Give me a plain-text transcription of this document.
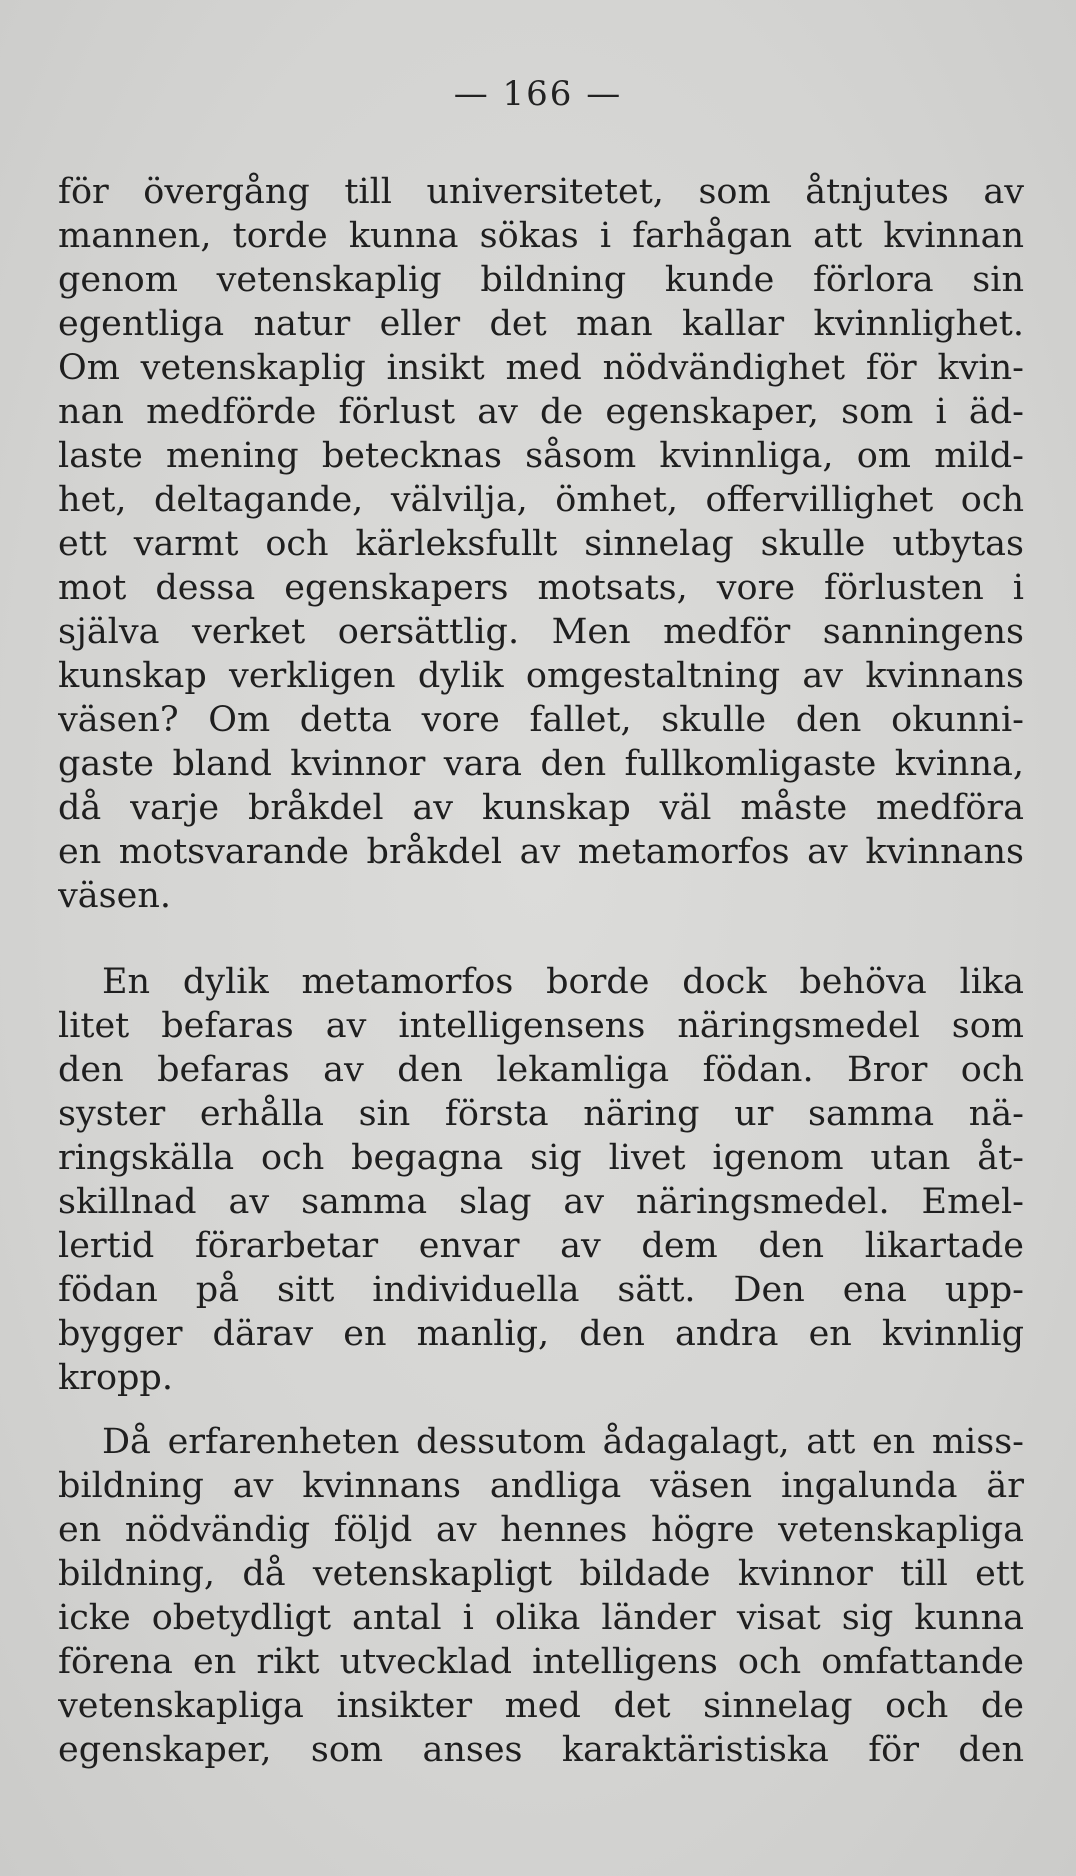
— 166 —
för övergång till universitetet, som åtnjutes av
mannen, torde kunna sökas i farhågan att kvinnan
genom vetenskaplig bildning kunde förlora sin
egentliga natur eller det man kallar kvinnlighet.
Om vetenskaplig insikt med nödvändighet för kvin-
nan medförde förlust av de egenskaper, som i äd-
laste mening betecknas såsom kvinnliga, om mild-
het, deltagande, välvilja, ömhet, offervillighet och
ett varmt och kärleksfullt sinnelag skulle utbytas
mot dessa egenskapers motsats, vore förlusten i
själva verket oersättlig. Men medför sanningens
kunskap verkligen dylik omgestaltning av kvinnans
väsen? Om detta vore fallet, skulle den okunni-
gaste bland kvinnor vara den fullkomligaste kvinna,
då varje bråkdel av kunskap väl måste medföra
en motsvarande bråkdel av metamorfos av kvinnans
väsen.
En dylik metamorfos borde dock behöva lika
litet befaras av intelligensens näringsmedel som
den befaras av den lekamliga födan. Bror och
syster erhålla sin första näring ur samma nä-
ringskälla och begagna sig livet igenom utan åt-
skillnad av samma slag av näringsmedel. Emel-
lertid förarbetar envar av dem den likartade
födan på sitt individuella sätt. Den ena upp-
bygger därav en manlig, den andra en kvinnlig
kropp.
Då erfarenheten dessutom ådagalagt, att en miss-
bildning av kvinnans andliga väsen ingalunda är
en nödvändig följd av hennes högre vetenskapliga
bildning, då vetenskapligt bildade kvinnor till ett
icke obetydligt antal i olika länder visat sig kunna
förena en rikt utvecklad intelligens och omfattande
vetenskapliga insikter med det sinnelag och de
egenskaper, som anses karaktäristiska för den
